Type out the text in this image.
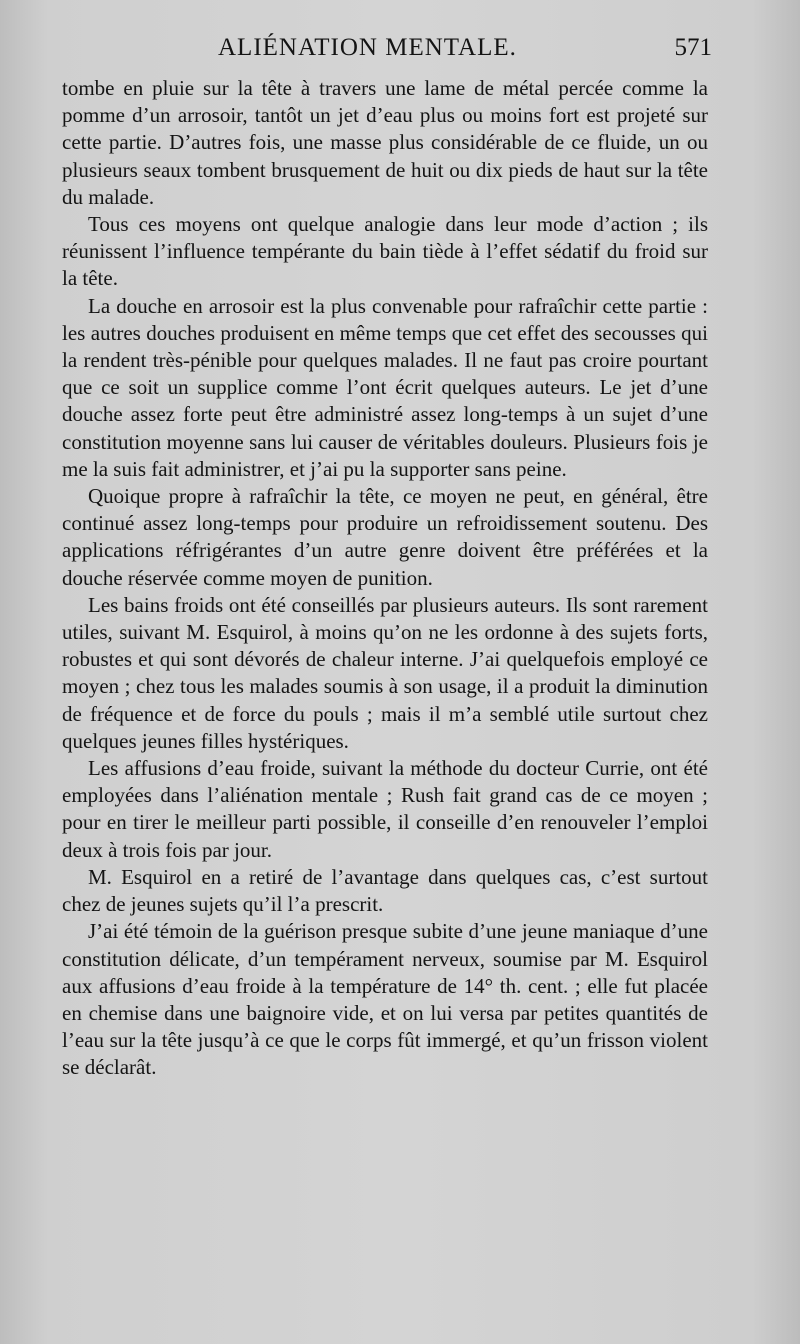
ALIÉNATION MENTALE.	571

tombe en pluie sur la tête à travers une lame de métal percée comme la pomme d’un arrosoir, tantôt un jet d’eau plus ou moins fort est projeté sur cette partie. D’autres fois, une masse plus considérable de ce fluide, un ou plusieurs seaux tombent brusquement de huit ou dix pieds de haut sur la tête du malade.

Tous ces moyens ont quelque analogie dans leur mode d’action ; ils réunissent l’influence tempérante du bain tiède à l’effet sédatif du froid sur la tête.

La douche en arrosoir est la plus convenable pour rafraîchir cette partie : les autres douches produisent en même temps que cet effet des secousses qui la rendent très-pénible pour quelques malades. Il ne faut pas croire pourtant que ce soit un supplice comme l’ont écrit quelques auteurs. Le jet d’une douche assez forte peut être administré assez long-temps à un sujet d’une constitution moyenne sans lui causer de véritables douleurs. Plusieurs fois je me la suis fait administrer, et j’ai pu la supporter sans peine.

Quoique propre à rafraîchir la tête, ce moyen ne peut, en général, être continué assez long-temps pour produire un refroidissement soutenu. Des applications réfrigérantes d’un autre genre doivent être préférées et la douche réservée comme moyen de punition.

Les bains froids ont été conseillés par plusieurs auteurs. Ils sont rarement utiles, suivant M. Esquirol, à moins qu’on ne les ordonne à des sujets forts, robustes et qui sont dévorés de chaleur interne. J’ai quelquefois employé ce moyen ; chez tous les malades soumis à son usage, il a produit la diminution de fréquence et de force du pouls ; mais il m’a semblé utile surtout chez quelques jeunes filles hystériques.

Les affusions d’eau froide, suivant la méthode du docteur Currie, ont été employées dans l’aliénation mentale ; Rush fait grand cas de ce moyen ; pour en tirer le meilleur parti possible, il conseille d’en renouveler l’emploi deux à trois fois par jour.

M. Esquirol en a retiré de l’avantage dans quelques cas, c’est surtout chez de jeunes sujets qu’il l’a prescrit.

J’ai été témoin de la guérison presque subite d’une jeune maniaque d’une constitution délicate, d’un tempérament nerveux, soumise par M. Esquirol aux affusions d’eau froide à la température de 14° th. cent. ; elle fut placée en chemise dans une baignoire vide, et on lui versa par petites quantités de l’eau sur la tête jusqu’à ce que le corps fût immergé, et qu’un frisson violent se déclarât.
